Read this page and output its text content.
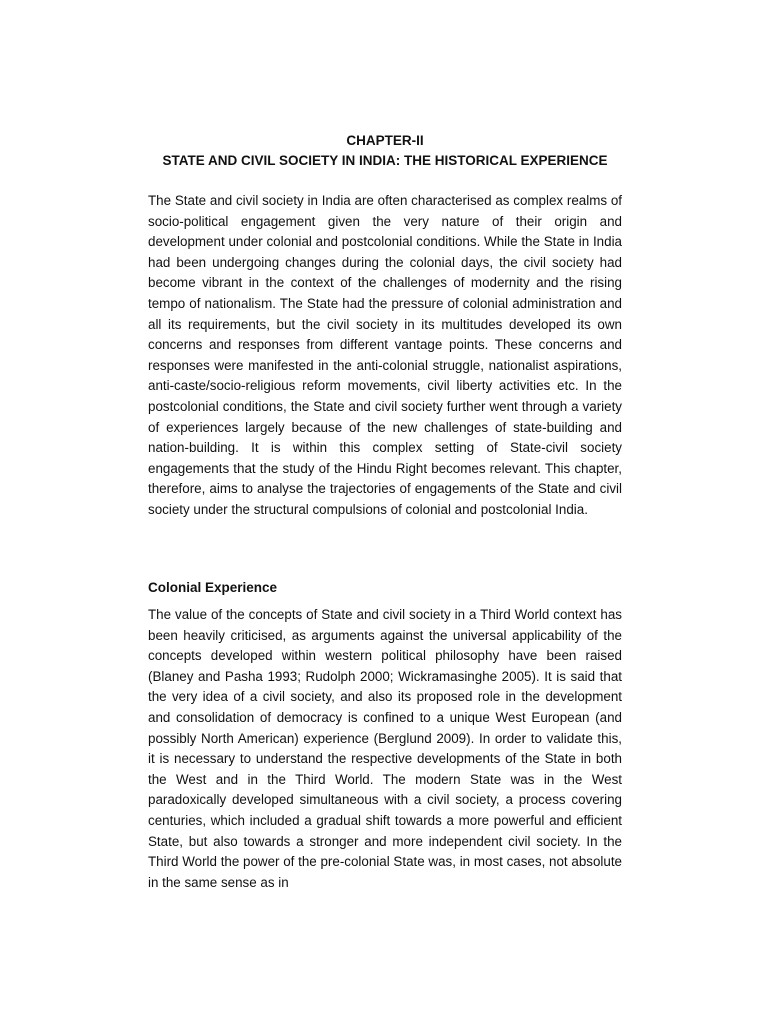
CHAPTER-II
STATE AND CIVIL SOCIETY IN INDIA: THE HISTORICAL EXPERIENCE

The State and civil society in India are often characterised as complex realms of socio-political engagement given the very nature of their origin and development under colonial and postcolonial conditions. While the State in India had been undergoing changes during the colonial days, the civil society had become vibrant in the context of the challenges of modernity and the rising tempo of nationalism. The State had the pressure of colonial administration and all its requirements, but the civil society in its multitudes developed its own concerns and responses from different vantage points. These concerns and responses were manifested in the anti-colonial struggle, nationalist aspirations, anti-caste/socio-religious reform movements, civil liberty activities etc. In the postcolonial conditions, the State and civil society further went through a variety of experiences largely because of the new challenges of state-building and nation-building. It is within this complex setting of State-civil society engagements that the study of the Hindu Right becomes relevant. This chapter, therefore, aims to analyse the trajectories of engagements of the State and civil society under the structural compulsions of colonial and postcolonial India.

Colonial Experience

The value of the concepts of State and civil society in a Third World context has been heavily criticised, as arguments against the universal applicability of the concepts developed within western political philosophy have been raised (Blaney and Pasha 1993; Rudolph 2000; Wickramasinghe 2005). It is said that the very idea of a civil society, and also its proposed role in the development and consolidation of democracy is confined to a unique West European (and possibly North American) experience (Berglund 2009). In order to validate this, it is necessary to understand the respective developments of the State in both the West and in the Third World. The modern State was in the West paradoxically developed simultaneous with a civil society, a process covering centuries, which included a gradual shift towards a more powerful and efficient State, but also towards a stronger and more independent civil society. In the Third World the power of the pre-colonial State was, in most cases, not absolute in the same sense as in
